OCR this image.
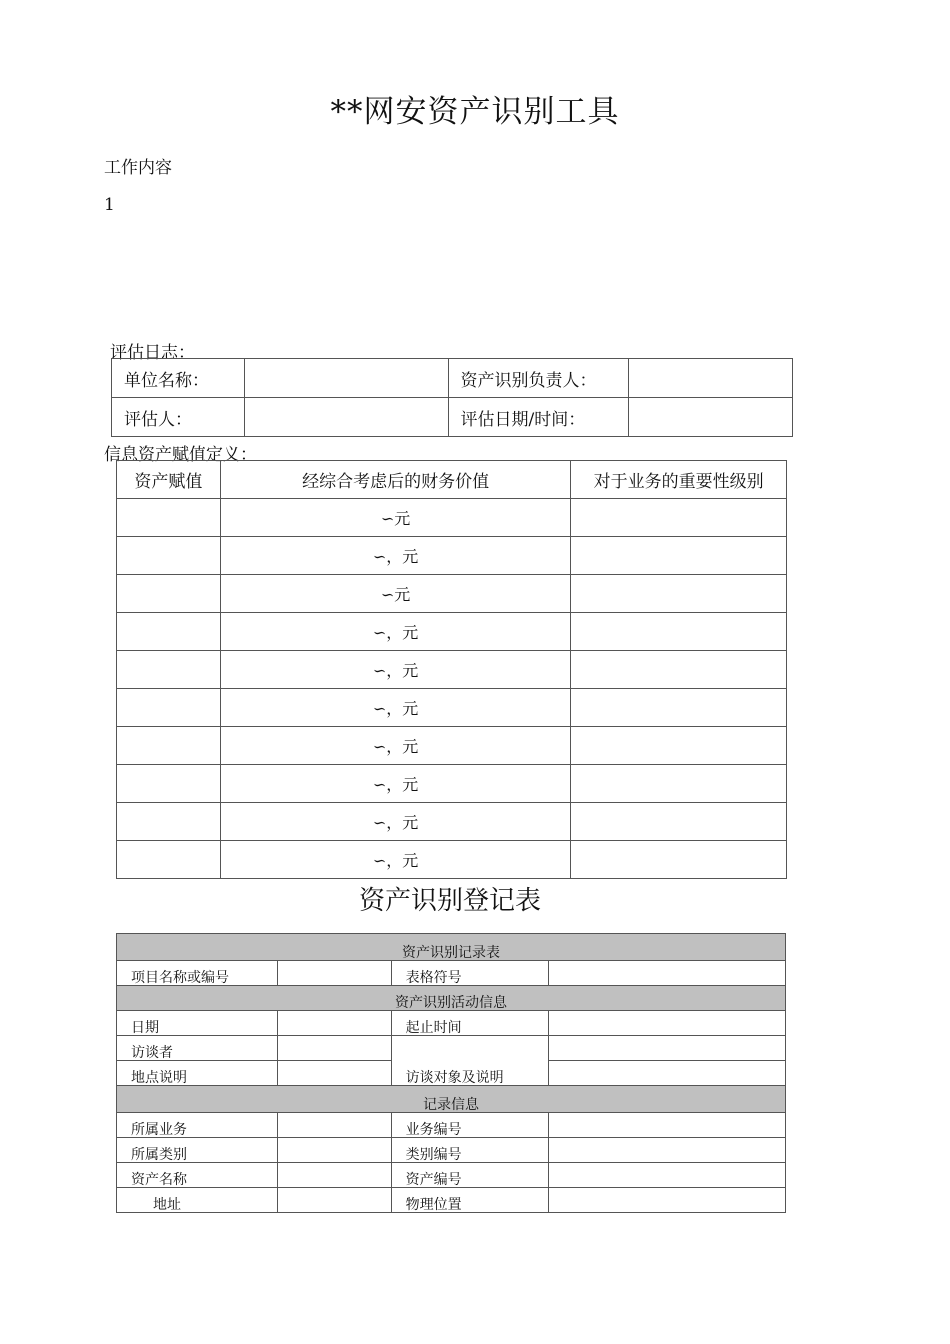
**网安资产识别工具
工作内容
1
评估日志：
单位名称：		资产识别负责人：	
评估人：		评估日期/时间：	
信息资产赋值定义：
资产赋值	经综合考虑后的财务价值	对于业务的重要性级别
	∽元	
	∽，元	
	∽元	
	∽，元	
	∽，元	
	∽，元	
	∽，元	
	∽，元	
	∽，元	
	∽，元	
资产识别登记表
资产识别记录表			
项目名称或编号		表格符号	
资产识别活动信息			
日期		起止时间	
访谈者		访谈对象及说明	
地点说明			
记录信息			
所属业务		业务编号	
所属类别		类别编号	
资产名称		资产编号	
地址		物理位置	
